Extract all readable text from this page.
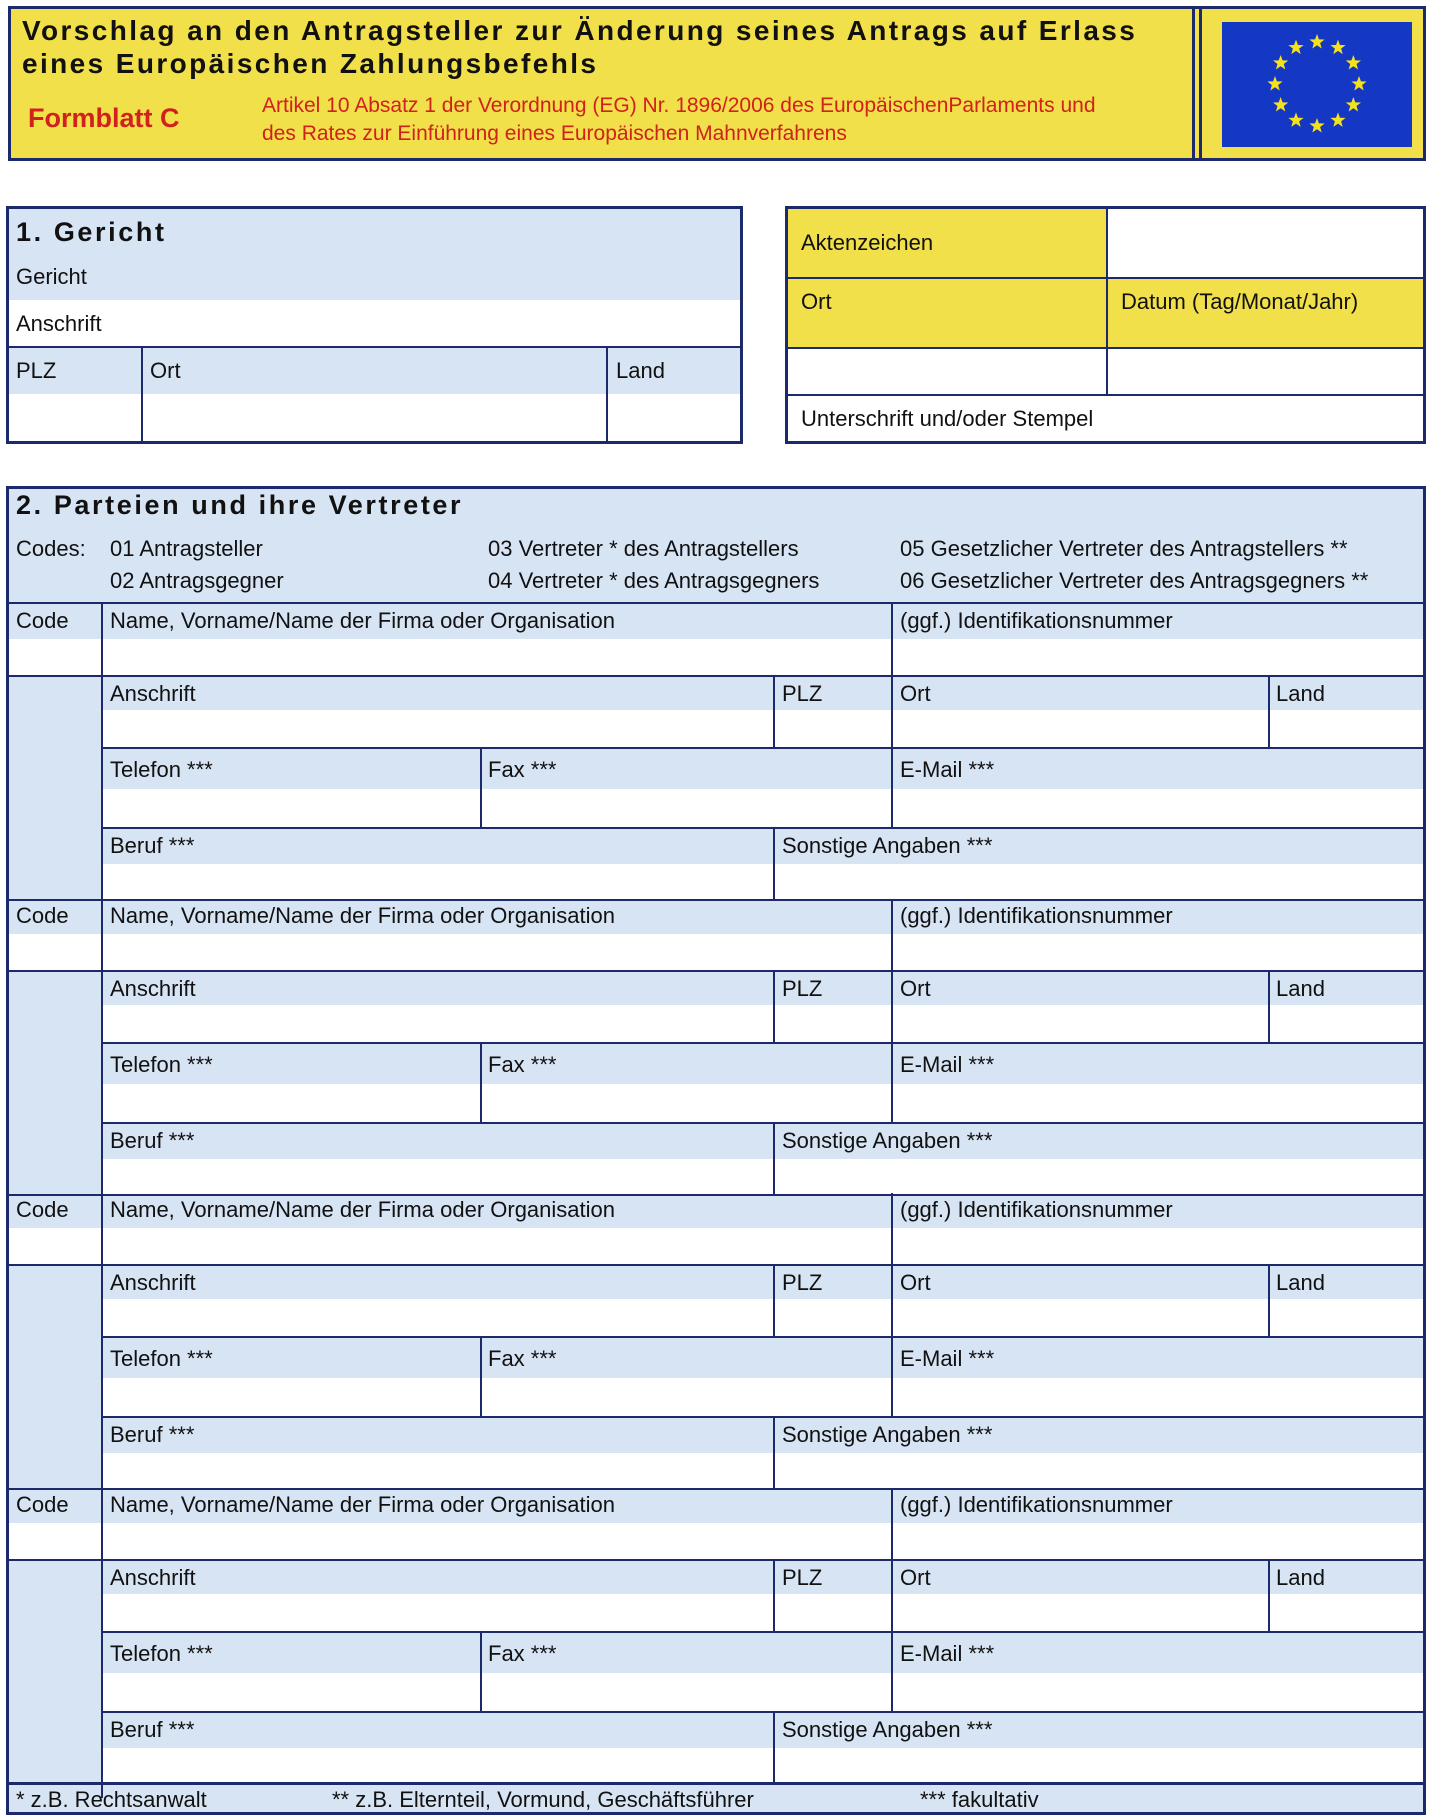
Vorschlag an den Antragsteller zur Änderung seines Antrags auf Erlass
eines Europäischen Zahlungsbefehls
Formblatt C	Artikel 10 Absatz 1 der Verordnung (EG) Nr. 1896/2006 des EuropäischenParlaments und
des Rates zur Einführung eines Europäischen Mahnverfahrens
1. Gericht
Gericht
Anschrift
PLZ	Ort	Land
Aktenzeichen
Ort	Datum (Tag/Monat/Jahr)
Unterschrift und/oder Stempel
2. Parteien und ihre Vertreter
Codes: 01 Antragsteller
02 Antragsgegner
03 Vertreter * des Antragstellers
04 Vertreter * des Antragsgegners
05 Gesetzlicher Vertreter des Antragstellers **
06 Gesetzlicher Vertreter des Antragsgegners **
Code Name, Vorname/Name der Firma oder Organisation	(ggf.) Identifikationsnummer
Anschrift	PLZ	Ort	Land
Telefon ***	Fax ***	E-Mail ***
Beruf ***	Sonstige Angaben ***
Code Name, Vorname/Name der Firma oder Organisation	(ggf.) Identifikationsnummer
Anschrift	PLZ	Ort	Land
Telefon ***	Fax ***	E-Mail ***
Beruf ***	Sonstige Angaben ***
Code Name, Vorname/Name der Firma oder Organisation	(ggf.) Identifikationsnummer
Anschrift	PLZ	Ort	Land
Telefon ***	Fax ***	E-Mail ***
Beruf ***	Sonstige Angaben ***
Code Name, Vorname/Name der Firma oder Organisation	(ggf.) Identifikationsnummer
Anschrift	PLZ	Ort	Land
Telefon ***	Fax ***	E-Mail ***
Beruf ***	Sonstige Angaben ***
* z.B. Rechtsanwalt	** z.B. Elternteil, Vormund, Geschäftsführer	*** fakultativ
